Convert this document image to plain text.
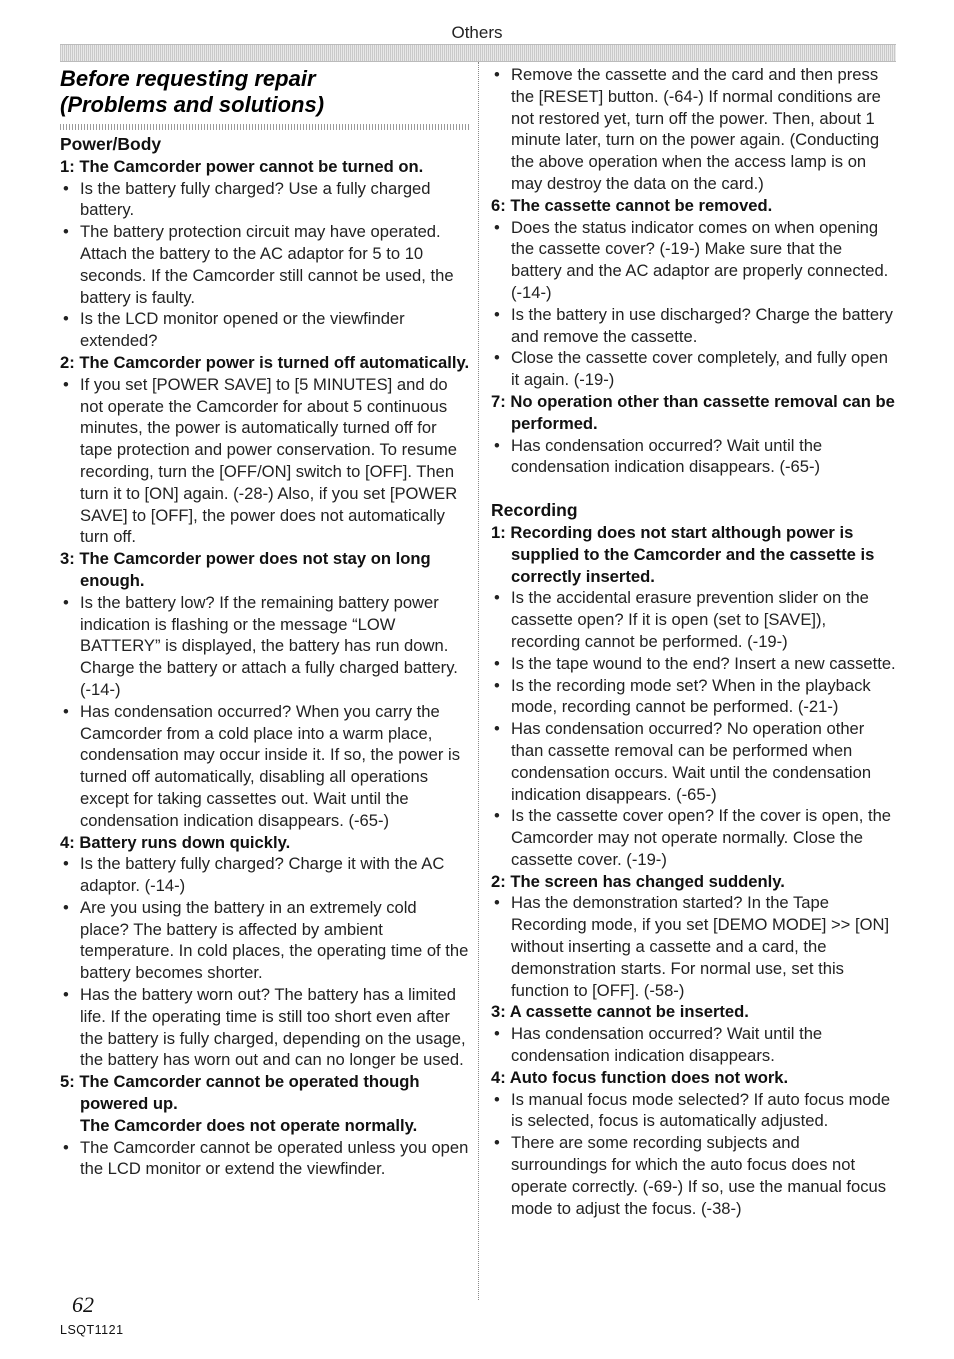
Others
Before requesting repair
(Problems and solutions)
Power/Body
1: The Camcorder power cannot be turned on.
• Is the battery fully charged? Use a fully charged battery.
• The battery protection circuit may have operated. Attach the battery to the AC adaptor for 5 to 10 seconds. If the Camcorder still cannot be used, the battery is faulty.
• Is the LCD monitor opened or the viewfinder extended?
2: The Camcorder power is turned off automatically.
• If you set [POWER SAVE] to [5 MINUTES] and do not operate the Camcorder for about 5 continuous minutes, the power is automatically turned off for tape protection and power conservation. To resume recording, turn the [OFF/ON] switch to [OFF]. Then turn it to [ON] again. (-28-) Also, if you set [POWER SAVE] to [OFF], the power does not automatically turn off.
3: The Camcorder power does not stay on long enough.
• Is the battery low? If the remaining battery power indication is flashing or the message “LOW BATTERY” is displayed, the battery has run down. Charge the battery or attach a fully charged battery. (-14-)
• Has condensation occurred? When you carry the Camcorder from a cold place into a warm place, condensation may occur inside it. If so, the power is turned off automatically, disabling all operations except for taking cassettes out. Wait until the condensation indication disappears. (-65-)
4: Battery runs down quickly.
• Is the battery fully charged? Charge it with the AC adaptor. (-14-)
• Are you using the battery in an extremely cold place? The battery is affected by ambient temperature. In cold places, the operating time of the battery becomes shorter.
• Has the battery worn out? The battery has a limited life. If the operating time is still too short even after the battery is fully charged, depending on the usage, the battery has worn out and can no longer be used.
5: The Camcorder cannot be operated though powered up.
The Camcorder does not operate normally.
• The Camcorder cannot be operated unless you open the LCD monitor or extend the viewfinder.
• Remove the cassette and the card and then press the [RESET] button. (-64-) If normal conditions are not restored yet, turn off the power. Then, about 1 minute later, turn on the power again. (Conducting the above operation when the access lamp is on may destroy the data on the card.)
6: The cassette cannot be removed.
• Does the status indicator comes on when opening the cassette cover? (-19-) Make sure that the battery and the AC adaptor are properly connected. (-14-)
• Is the battery in use discharged? Charge the battery and remove the cassette.
• Close the cassette cover completely, and fully open it again. (-19-)
7: No operation other than cassette removal can be performed.
• Has condensation occurred? Wait until the condensation indication disappears. (-65-)
Recording
1: Recording does not start although power is supplied to the Camcorder and the cassette is correctly inserted.
• Is the accidental erasure prevention slider on the cassette open? If it is open (set to [SAVE]), recording cannot be performed. (-19-)
• Is the tape wound to the end? Insert a new cassette.
• Is the recording mode set? When in the playback mode, recording cannot be performed. (-21-)
• Has condensation occurred? No operation other than cassette removal can be performed when condensation occurs. Wait until the condensation indication disappears. (-65-)
• Is the cassette cover open? If the cover is open, the Camcorder may not operate normally. Close the cassette cover. (-19-)
2: The screen has changed suddenly.
• Has the demonstration started? In the Tape Recording mode, if you set [DEMO MODE] >> [ON] without inserting a cassette and a card, the demonstration starts. For normal use, set this function to [OFF]. (-58-)
3: A cassette cannot be inserted.
• Has condensation occurred? Wait until the condensation indication disappears.
4: Auto focus function does not work.
• Is manual focus mode selected? If auto focus mode is selected, focus is automatically adjusted.
• There are some recording subjects and surroundings for which the auto focus does not operate correctly. (-69-) If so, use the manual focus mode to adjust the focus. (-38-)
62
LSQT1121
